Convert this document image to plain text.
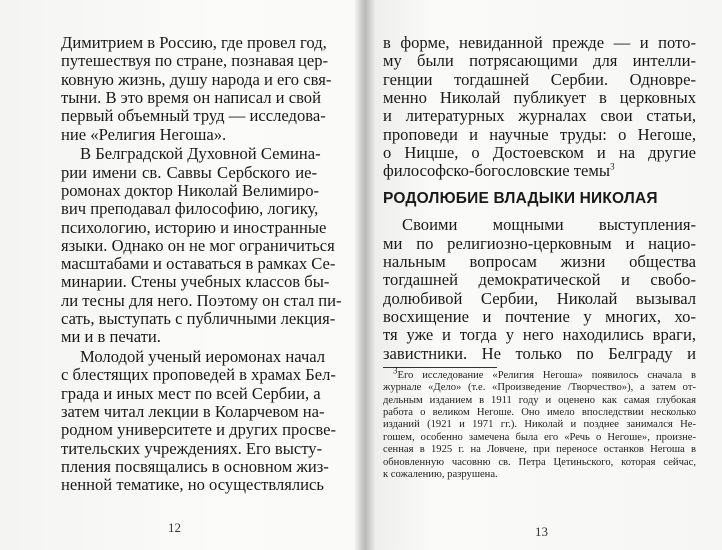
Димитрием в Россию, где провел год,
путешествуя по стране, познавая цер-
ковную жизнь, душу народа и его свя-
тыни. В это время он написал и свой
первый объемный труд — исследова-
ние «Религия Негоша».
В Белградской Духовной Семина-
рии имени св. Саввы Сербского ие-
ромонах доктор Николай Велимиро-
вич преподавал философию, логику,
психологию, историю и иностранные
языки. Однако он не мог ограничиться
масштабами и оставаться в рамках Се-
минарии. Стены учебных классов бы-
ли тесны для него. Поэтому он стал пи-
сать, выступать с публичными лекция-
ми и в печати.
Молодой ученый иеромонах начал
с блестящих проповедей в храмах Бел-
града и иных мест по всей Сербии, а
затем читал лекции в Коларчевом на-
родном университете и других просве-
тительских учреждениях. Его высту-
пления посвящались в основном жиз-
ненной тематике, но осуществлялись
12
в форме, невиданной прежде — и пото-
му были потрясающими для интелли-
генции тогдашней Сербии. Одновре-
менно Николай публикует в церковных
и литературных журналах свои статьи,
проповеди и научные труды: о Негоше,
о Ницше, о Достоевском и на другие
философско-богословские темы$^3$
РОДОЛЮБИЕ ВЛАДЫКИ НИКОЛАЯ
Своими мощными выступления-
ми по религиозно-церковным и нацио-
нальным вопросам жизни общества
тогдашней демократической и свобо-
долюбивой Сербии, Николай вызывал
восхищение и почтение у многих, хо-
тя уже и тогда у него находились враги,
завистники. Не только по Белграду и
$^3$Его исследование «Религия Негоша» появилось сначала в
журнале «Дело» (т.е. «Произведение /Творчество»), а затем от-
дельным изданием в 1911 году и оценено как самая глубокая
работа о великом Негоше. Оно имело впоследствии несколько
изданий (1921 и 1971 гг.). Николай и позднее занимался Не-
гошем, особенно замечена была его «Речь о Негоше», произне-
сенная в 1925 г. на Ловчене, при переносе останков Негоша в
обновленную часовню св. Петра Цетиньского, которая сейчас,
к сожалению, разрушена.
13
